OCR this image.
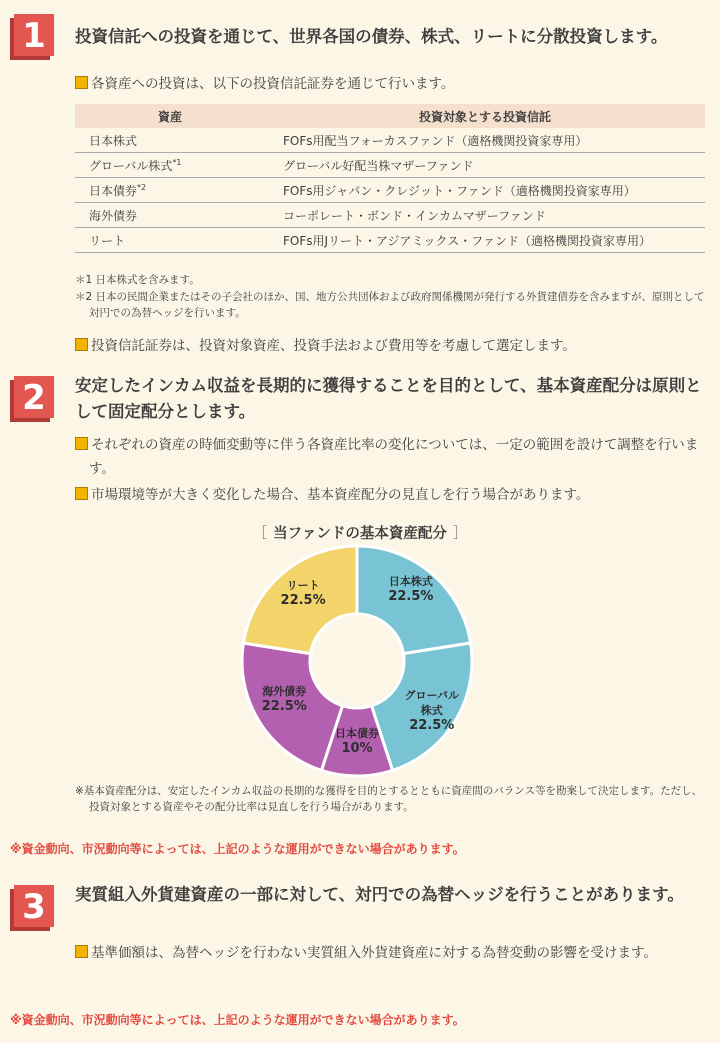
1	投資信託への投資を通じて、世界各国の債券、株式、リートに分散投資します。
各資産への投資は、以下の投資信託証券を通じて行います。
資産	投資対象とする投資信託
日本株式	FOFs用配当フォーカスファンド（適格機関投資家専用）
グローバル株式$^{*1}$	グローバル好配当株マザーファンド
日本債券$^{*2}$	FOFs用ジャパン・クレジット・ファンド（適格機関投資家専用）
海外債券	コーポレート・ボンド・インカムマザーファンド
リート	FOFs用Jリート・アジアミックス・ファンド（適格機関投資家専用）
＊1 日本株式を含みます。
＊2 日本の民間企業またはその子会社のほか、国、地方公共団体および政府関係機関が発行する外貨建債券を含みますが、原則として対円での為替ヘッジを行います。
投資信託証券は、投資対象資産、投資手法および費用等を考慮して選定します。
2	安定したインカム収益を長期的に獲得することを目的として、基本資産配分は原則として固定配分とします。
それぞれの資産の時価変動等に伴う各資産比率の変化については、一定の範囲を設けて調整を行います。
市場環境等が大きく変化した場合、基本資産配分の見直しを行う場合があります。
［ 当ファンドの基本資産配分 ］
日本株式
22.5%
グローバル
株式
22.5%
日本債券
10%
海外債券
22.5%
リート
22.5%
※基本資産配分は、安定したインカム収益の長期的な獲得を目的とするとともに資産間のバランス等を勘案して決定します。ただし、投資対象とする資産やその配分比率は見直しを行う場合があります。
※資金動向、市況動向等によっては、上記のような運用ができない場合があります。
3	実質組入外貨建資産の一部に対して、対円での為替ヘッジを行うことがあります。
基準価額は、為替ヘッジを行わない実質組入外貨建資産に対する為替変動の影響を受けます。
※資金動向、市況動向等によっては、上記のような運用ができない場合があります。
